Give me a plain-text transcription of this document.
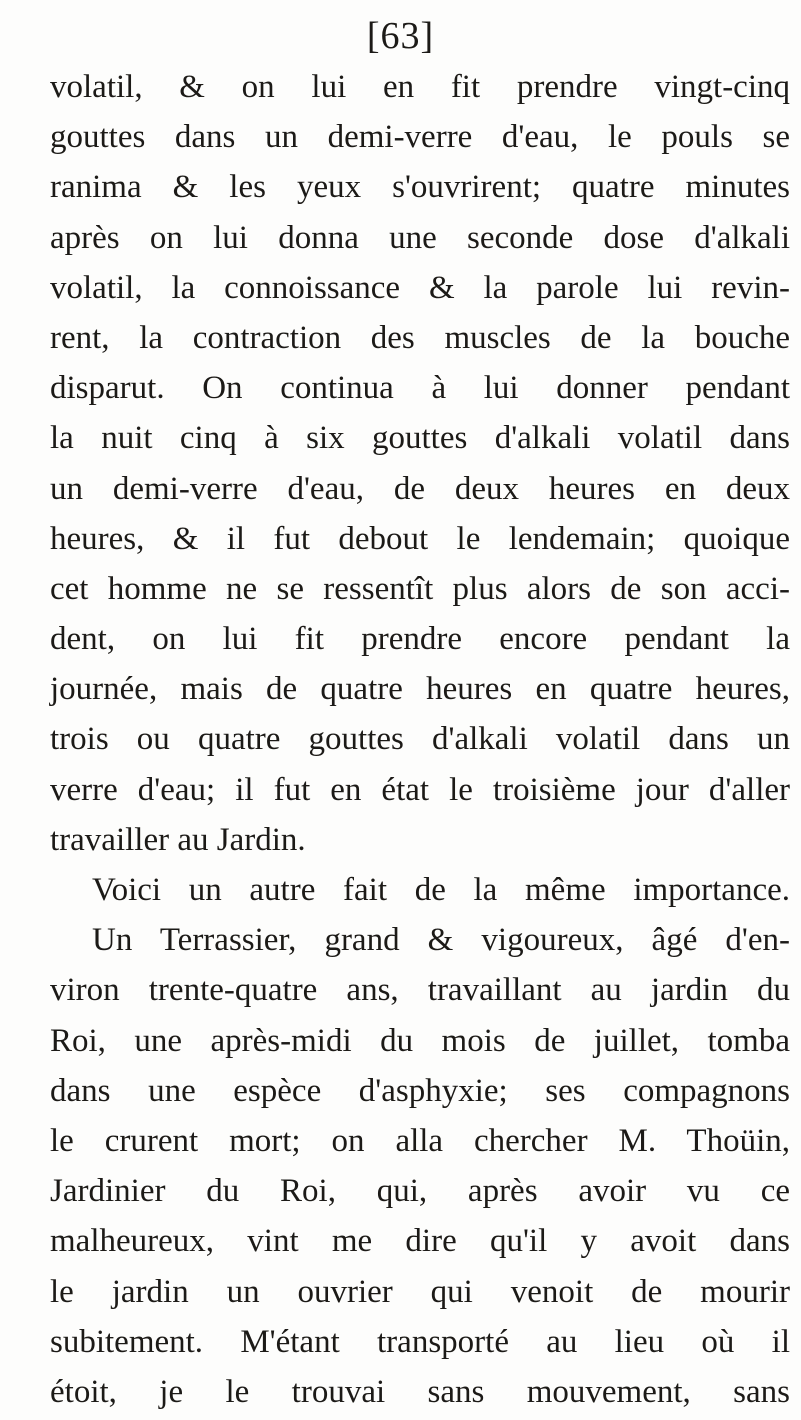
[63]
volatil, & on lui en fit prendre vingt-cinq
gouttes dans un demi-verre d'eau, le pouls se
ranima & les yeux s'ouvrirent; quatre minutes
après on lui donna une seconde dose d'alkali
volatil, la connoissance & la parole lui revin-
rent, la contraction des muscles de la bouche
disparut. On continua à lui donner pendant
la nuit cinq à six gouttes d'alkali volatil dans
un demi-verre d'eau, de deux heures en deux
heures, & il fut debout le lendemain; quoique
cet homme ne se ressentît plus alors de son acci-
dent, on lui fit prendre encore pendant la
journée, mais de quatre heures en quatre heures,
trois ou quatre gouttes d'alkali volatil dans un
verre d'eau; il fut en état le troisième jour d'aller
travailler au Jardin.
Voici un autre fait de la même importance.
Un Terrassier, grand & vigoureux, âgé d'en-
viron trente-quatre ans, travaillant au jardin du
Roi, une après-midi du mois de juillet, tomba
dans une espèce d'asphyxie; ses compagnons
le crurent mort; on alla chercher M. Thoüin,
Jardinier du Roi, qui, après avoir vu ce
malheureux, vint me dire qu'il y avoit dans
le jardin un ouvrier qui venoit de mourir
subitement. M'étant transporté au lieu où il
étoit, je le trouvai sans mouvement, sans
